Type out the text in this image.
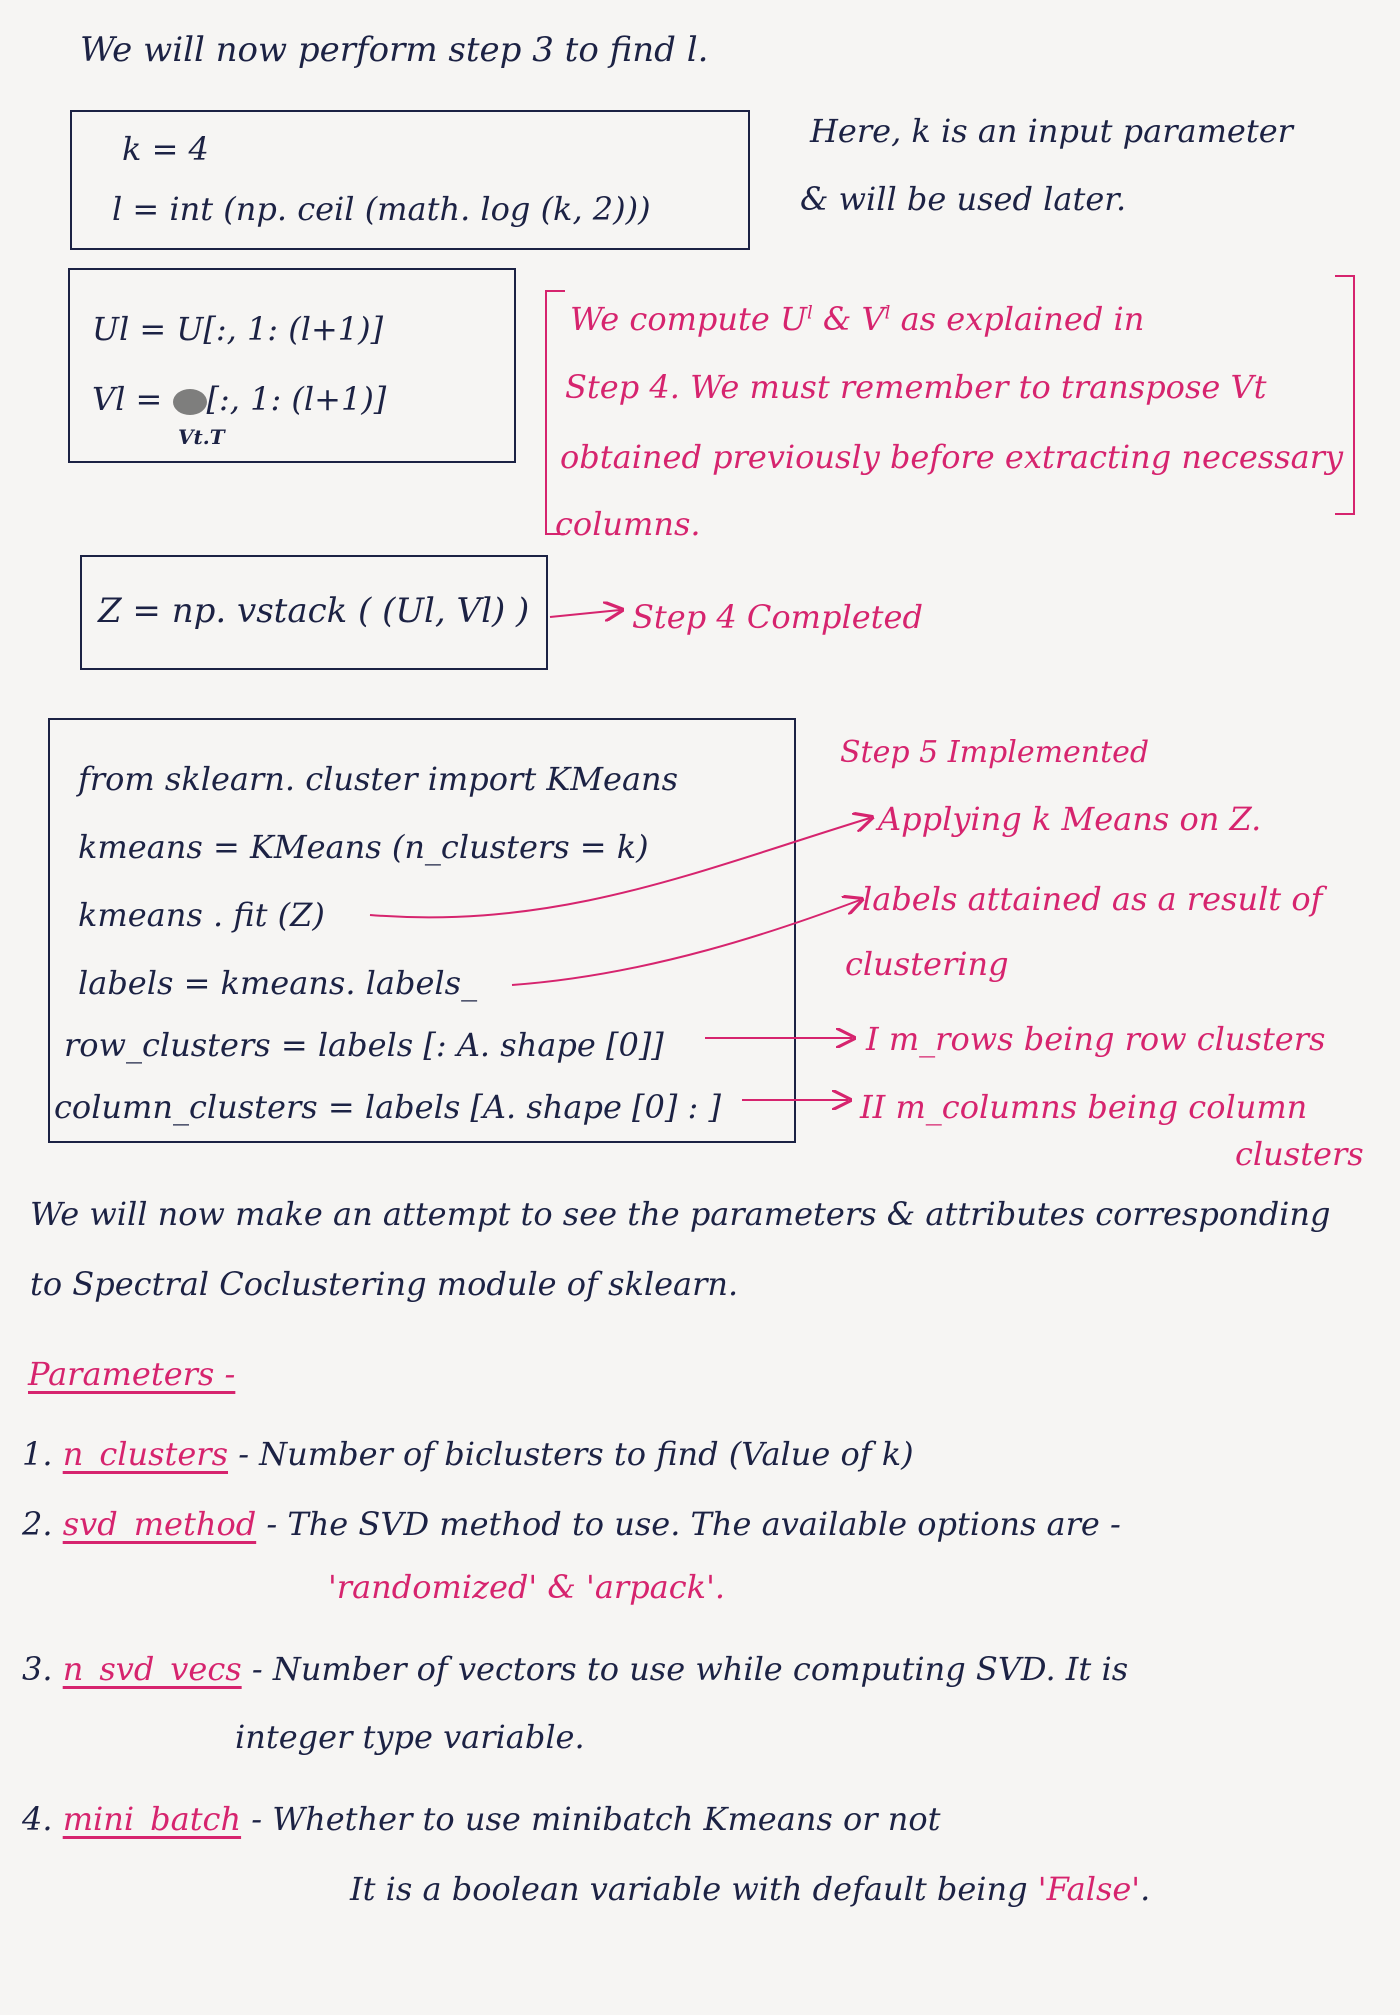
We will now perform step 3 to find l.
k = 4
l = int (np. ceil (math. log (k, 2)))
Here, k is an input parameter
& will be used later.
Ul = U[:, 1: (l+1)]
Vl = [:, 1: (l+1)]
Vt.T
We compute $U^l$ & $V^l$ as explained in
Step 4. We must remember to transpose Vt
obtained previously before extracting necessary
columns.
Z = np. vstack ( (Ul, Vl) )	Step 4 Completed
from sklearn. cluster import KMeans
kmeans = KMeans (n_clusters = k)
kmeans . fit (Z)
labels = kmeans. labels_
row_clusters = labels [: A. shape [0]]
column_clusters = labels [A. shape [0] : ]
Step 5 Implemented
Applying k Means on Z.
labels attained as a result of
clustering
I m_rows being row clusters
II m_columns being column
clusters
We will now make an attempt to see the parameters & attributes corresponding
to Spectral Coclustering module of sklearn.
Parameters -
1. n_clusters - Number of biclusters to find (Value of k)
2. svd_method - The SVD method to use. The available options are -
'randomized' & 'arpack'.
3. n_svd_vecs - Number of vectors to use while computing SVD. It is
integer type variable.
4. mini_batch - Whether to use minibatch Kmeans or not
It is a boolean variable with default being 'False'.
